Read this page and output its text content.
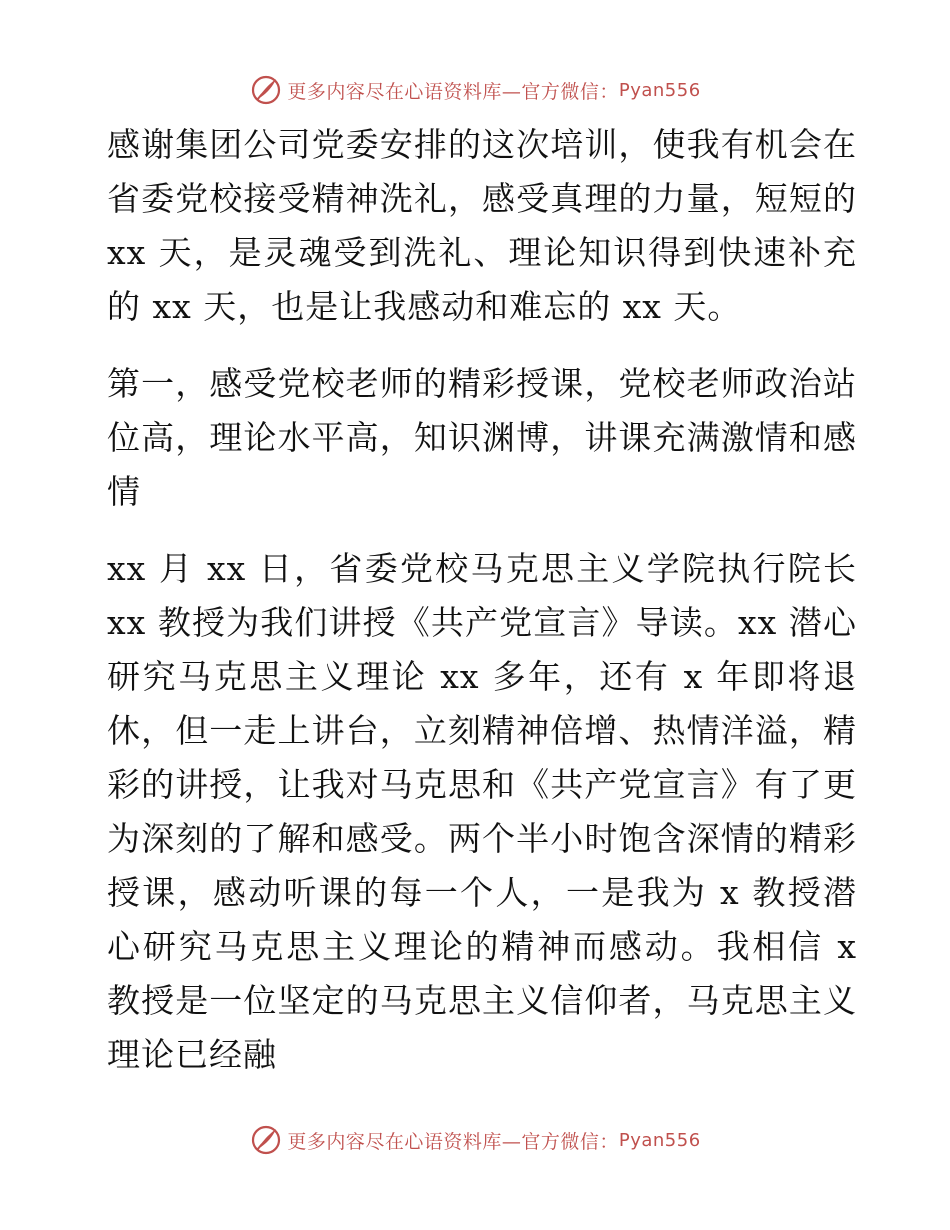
更多内容尽在心语资料库—官方微信： Pyan556

感谢集团公司党委安排的这次培训，使我有机会在省委党校接受精神洗礼，感受真理的力量，短短的 xx 天，是灵魂受到洗礼、理论知识得到快速补充的 xx 天，也是让我感动和难忘的 xx 天。

第一，感受党校老师的精彩授课，党校老师政治站位高，理论水平高，知识渊博，讲课充满激情和感情

xx 月 xx 日，省委党校马克思主义学院执行院长 xx 教授为我们讲授《共产党宣言》导读。xx 潜心研究马克思主义理论 xx 多年，还有 x 年即将退休，但一走上讲台，立刻精神倍增、热情洋溢，精彩的讲授，让我对马克思和《共产党宣言》有了更为深刻的了解和感受。两个半小时饱含深情的精彩授课，感动听课的每一个人，一是我为 x 教授潜心研究马克思主义理论的精神而感动。我相信 x 教授是一位坚定的马克思主义信仰者，马克思主义理论已经融

更多内容尽在心语资料库—官方微信： Pyan556
